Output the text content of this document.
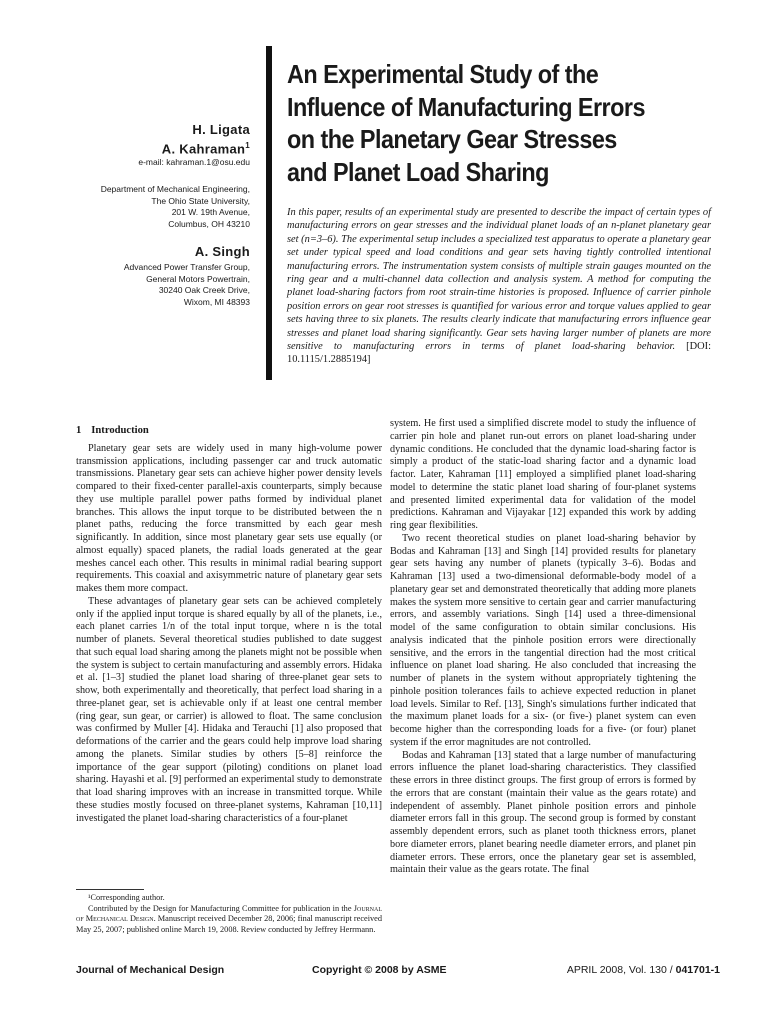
H. Ligata
A. Kahraman$^1$
e-mail: kahraman.1@osu.edu
Department of Mechanical Engineering,
The Ohio State University,
201 W. 19th Avenue,
Columbus, OH 43210
A. Singh
Advanced Power Transfer Group,
General Motors Powertrain,
30240 Oak Creek Drive,
Wixom, MI 48393
An Experimental Study of the
Influence of Manufacturing Errors
on the Planetary Gear Stresses
and Planet Load Sharing

In this paper, results of an experimental study are presented to describe the impact of certain types of manufacturing errors on gear stresses and the individual planet loads of an n-planet planetary gear set (n=3–6). The experimental setup includes a specialized test apparatus to operate a planetary gear set under typical speed and load conditions and gear sets having tightly controlled intentional manufacturing errors. The instrumentation system consists of multiple strain gauges mounted on the ring gear and a multi-channel data collection and analysis system. A method for computing the planet load-sharing factors from root strain-time histories is proposed. Influence of carrier pinhole position errors on gear root stresses is quantified for various error and torque values applied to gear sets having three to six planets. The results clearly indicate that manufacturing errors influence gear stresses and planet load sharing significantly. Gear sets having larger number of planets are more sensitive to manufacturing errors in terms of planet load-sharing behavior. [DOI: 10.1115/1.2885194]

1 Introduction

Planetary gear sets are widely used in many high-volume power transmission applications, including passenger car and truck automatic transmissions. Planetary gear sets can achieve higher power density levels compared to their fixed-center parallel-axis counterparts, simply because they use multiple parallel power paths formed by individual planet branches. This allows the input torque to be distributed between the n planet paths, reducing the force transmitted by each gear mesh significantly. In addition, since most planetary gear sets use equally (or almost equally) spaced planets, the radial loads generated at the gear meshes cancel each other. This results in minimal radial bearing support requirements. This coaxial and axisymmetric nature of planetary gear sets makes them more compact.

These advantages of planetary gear sets can be achieved completely only if the applied input torque is shared equally by all of the planets, i.e., each planet carries 1/n of the total input torque, where n is the total number of planets. Several theoretical studies published to date suggest that such equal load sharing among the planets might not be possible when the system is subject to certain manufacturing and assembly errors. Hidaka et al. [1–3] studied the planet load sharing of three-planet gear sets to show, both experimentally and theoretically, that perfect load sharing in a three-planet gear, set is achievable only if at least one central member (ring gear, sun gear, or carrier) is allowed to float. The same conclusion was confirmed by Muller [4]. Hidaka and Terauchi [1] also proposed that deformations of the carrier and the gears could help improve load sharing among the planets. Similar studies by others [5–8] reinforce the importance of the gear support (piloting) conditions on planet load sharing. Hayashi et al. [9] performed an experimental study to demonstrate that load sharing improves with an increase in transmitted torque. While these studies mostly focused on three-planet systems, Kahraman [10,11] investigated the planet load-sharing characteristics of a four-planet

system. He first used a simplified discrete model to study the influence of carrier pin hole and planet run-out errors on planet load-sharing under dynamic conditions. He concluded that the dynamic load-sharing factor is simply a product of the static-load sharing factor and a dynamic load factor. Later, Kahraman [11] employed a simplified planet load-sharing model to determine the static planet load sharing of four-planet systems and presented limited experimental data for validation of the model predictions. Kahraman and Vijayakar [12] expanded this work by adding ring gear flexibilities.

Two recent theoretical studies on planet load-sharing behavior by Bodas and Kahraman [13] and Singh [14] provided results for planetary gear sets having any number of planets (typically 3–6). Bodas and Kahraman [13] used a two-dimensional deformable-body model of a planetary gear set and demonstrated theoretically that adding more planets makes the system more sensitive to certain gear and carrier manufacturing errors, and assembly variations. Singh [14] used a three-dimensional model of the same configuration to obtain similar conclusions. His analysis indicated that the pinhole position errors were directionally sensitive, and the errors in the tangential direction had the most critical influence on planet load sharing. He also concluded that increasing the number of planets in the system without appropriately tightening the pinhole position tolerances fails to achieve expected reduction in planet load levels. Similar to Ref. [13], Singh's simulations further indicated that the maximum planet loads for a six- (or five-) planet system can even become higher than the corresponding loads for a five- (or four) planet system if the error magnitudes are not controlled.

Bodas and Kahraman [13] stated that a large number of manufacturing errors influence the planet load-sharing characteristics. They classified these errors in three distinct groups. The first group of errors is formed by the errors that are constant (maintain their value as the gears rotate) and independent of assembly. Planet pinhole position errors and pinhole diameter errors fall in this group. The second group is formed by constant assembly dependent errors, such as planet tooth thickness errors, planet bore diameter errors, planet bearing needle diameter errors, and planet pin diameter errors. These errors, once the planetary gear set is assembled, maintain their value as the gears rotate. The final

¹Corresponding author.

Contributed by the Design for Manufacturing Committee for publication in the Journal of Mechanical Design. Manuscript received December 28, 2006; final manuscript received May 25, 2007; published online March 19, 2008. Review conducted by Jeffrey Herrmann.

Journal of Mechanical Design	Copyright © 2008 by ASME	APRIL 2008, Vol. 130 / 041701-1
